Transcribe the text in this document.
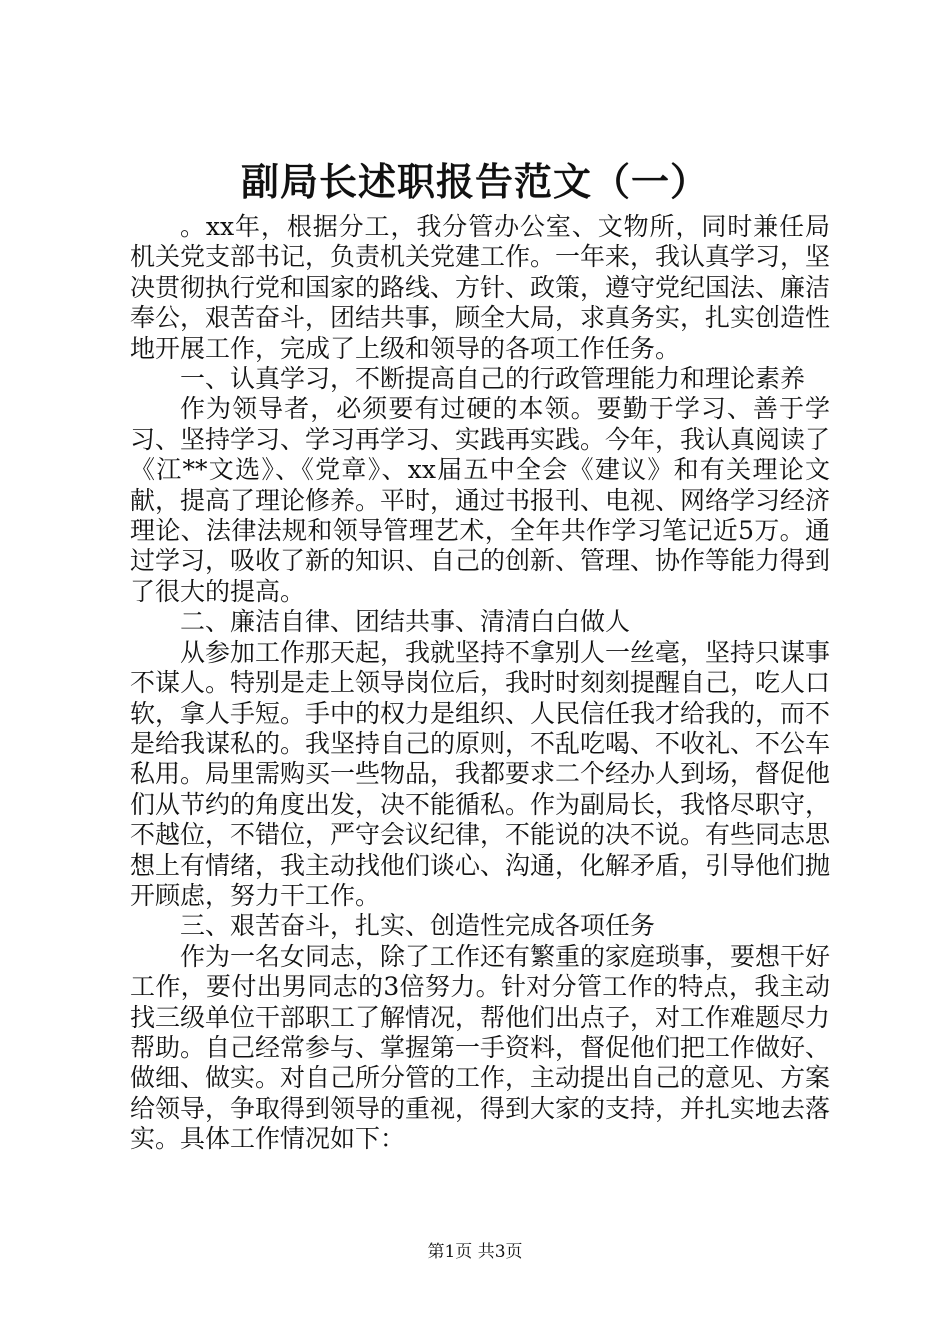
副局长述职报告范文（一）

。xx年，根据分工，我分管办公室、文物所，同时兼任局机关党支部书记，负责机关党建工作。一年来，我认真学习，坚决贯彻执行党和国家的路线、方针、政策，遵守党纪国法、廉洁奉公，艰苦奋斗，团结共事，顾全大局，求真务实，扎实创造性地开展工作，完成了上级和领导的各项工作任务。

一、认真学习，不断提高自己的行政管理能力和理论素养

作为领导者，必须要有过硬的本领。要勤于学习、善于学习、坚持学习、学习再学习、实践再实践。今年，我认真阅读了《江**文选》、《党章》、xx届五中全会《建议》和有关理论文献，提高了理论修养。平时，通过书报刊、电视、网络学习经济理论、法律法规和领导管理艺术，全年共作学习笔记近5万。通过学习，吸收了新的知识、自己的创新、管理、协作等能力得到了很大的提高。

二、廉洁自律、团结共事、清清白白做人

从参加工作那天起，我就坚持不拿别人一丝毫，坚持只谋事不谋人。特别是走上领导岗位后，我时时刻刻提醒自己，吃人口软，拿人手短。手中的权力是组织、人民信任我才给我的，而不是给我谋私的。我坚持自己的原则，不乱吃喝、不收礼、不公车私用。局里需购买一些物品，我都要求二个经办人到场，督促他们从节约的角度出发，决不能循私。作为副局长，我恪尽职守，不越位，不错位，严守会议纪律，不能说的决不说。有些同志思想上有情绪，我主动找他们谈心、沟通，化解矛盾，引导他们抛开顾虑，努力干工作。

三、艰苦奋斗，扎实、创造性完成各项任务

作为一名女同志，除了工作还有繁重的家庭琐事，要想干好工作，要付出男同志的3倍努力。针对分管工作的特点，我主动找三级单位干部职工了解情况，帮他们出点子，对工作难题尽力帮助。自己经常参与、掌握第一手资料，督促他们把工作做好、做细、做实。对自己所分管的工作，主动提出自己的意见、方案给领导，争取得到领导的重视，得到大家的支持，并扎实地去落实。具体工作情况如下：

第1页 共3页
